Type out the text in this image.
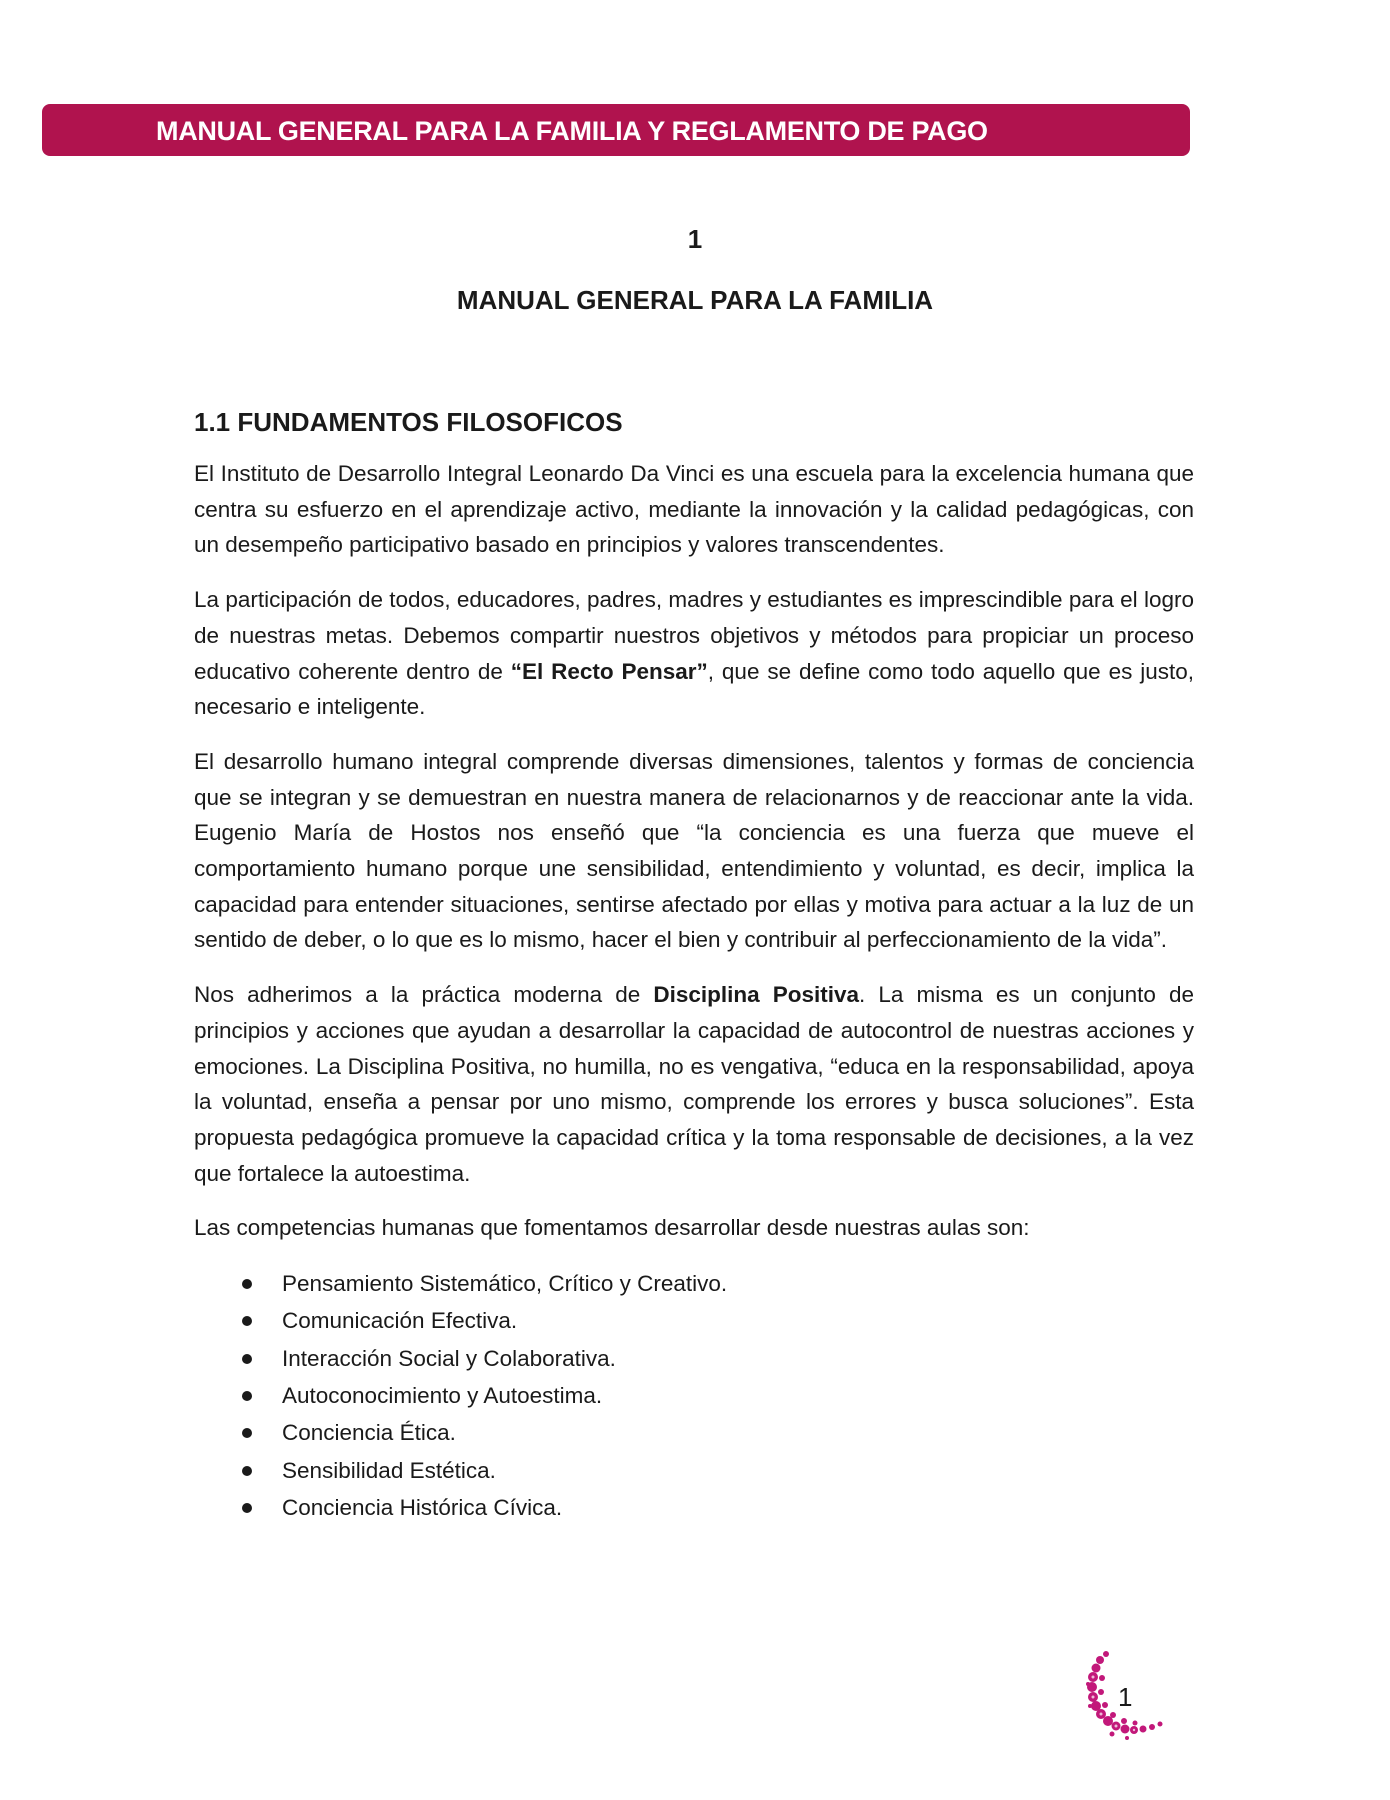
MANUAL GENERAL PARA LA FAMILIA Y REGLAMENTO DE PAGO
1
MANUAL GENERAL PARA LA FAMILIA
1.1 FUNDAMENTOS FILOSOFICOS

El Instituto de Desarrollo Integral Leonardo Da Vinci es una escuela para la excelencia humana que centra su esfuerzo en el aprendizaje activo, mediante la innovación y la calidad pedagógicas, con un desempeño participativo basado en principios y valores transcendentes.

La participación de todos, educadores, padres, madres y estudiantes es imprescindible para el logro de nuestras metas. Debemos compartir nuestros objetivos y métodos para propiciar un proceso educativo coherente dentro de “El Recto Pensar”, que se define como todo aquello que es justo, necesario e inteligente.

El desarrollo humano integral comprende diversas dimensiones, talentos y formas de conciencia que se integran y se demuestran en nuestra manera de relacionarnos y de reaccionar ante la vida. Eugenio María de Hostos nos enseñó que “la conciencia es una fuerza que mueve el comportamiento humano porque une sensibilidad, entendimiento y voluntad, es decir, implica la capacidad para entender situaciones, sentirse afectado por ellas y motiva para actuar a la luz de un sentido de deber, o lo que es lo mismo, hacer el bien y contribuir al perfeccionamiento de la vida”.

Nos adherimos a la práctica moderna de Disciplina Positiva. La misma es un conjunto de principios y acciones que ayudan a desarrollar la capacidad de autocontrol de nuestras acciones y emociones. La Disciplina Positiva, no humilla, no es vengativa, “educa en la responsabilidad, apoya la voluntad, enseña a pensar por uno mismo, comprende los errores y busca soluciones”. Esta propuesta pedagógica promueve la capacidad crítica y la toma responsable de decisiones, a la vez que fortalece la autoestima.

Las competencias humanas que fomentamos desarrollar desde nuestras aulas son:

Pensamiento Sistemático, Crítico y Creativo.
Comunicación Efectiva.
Interacción Social y Colaborativa.
Autoconocimiento y Autoestima.
Conciencia Ética.
Sensibilidad Estética.
Conciencia Histórica Cívica.

1
